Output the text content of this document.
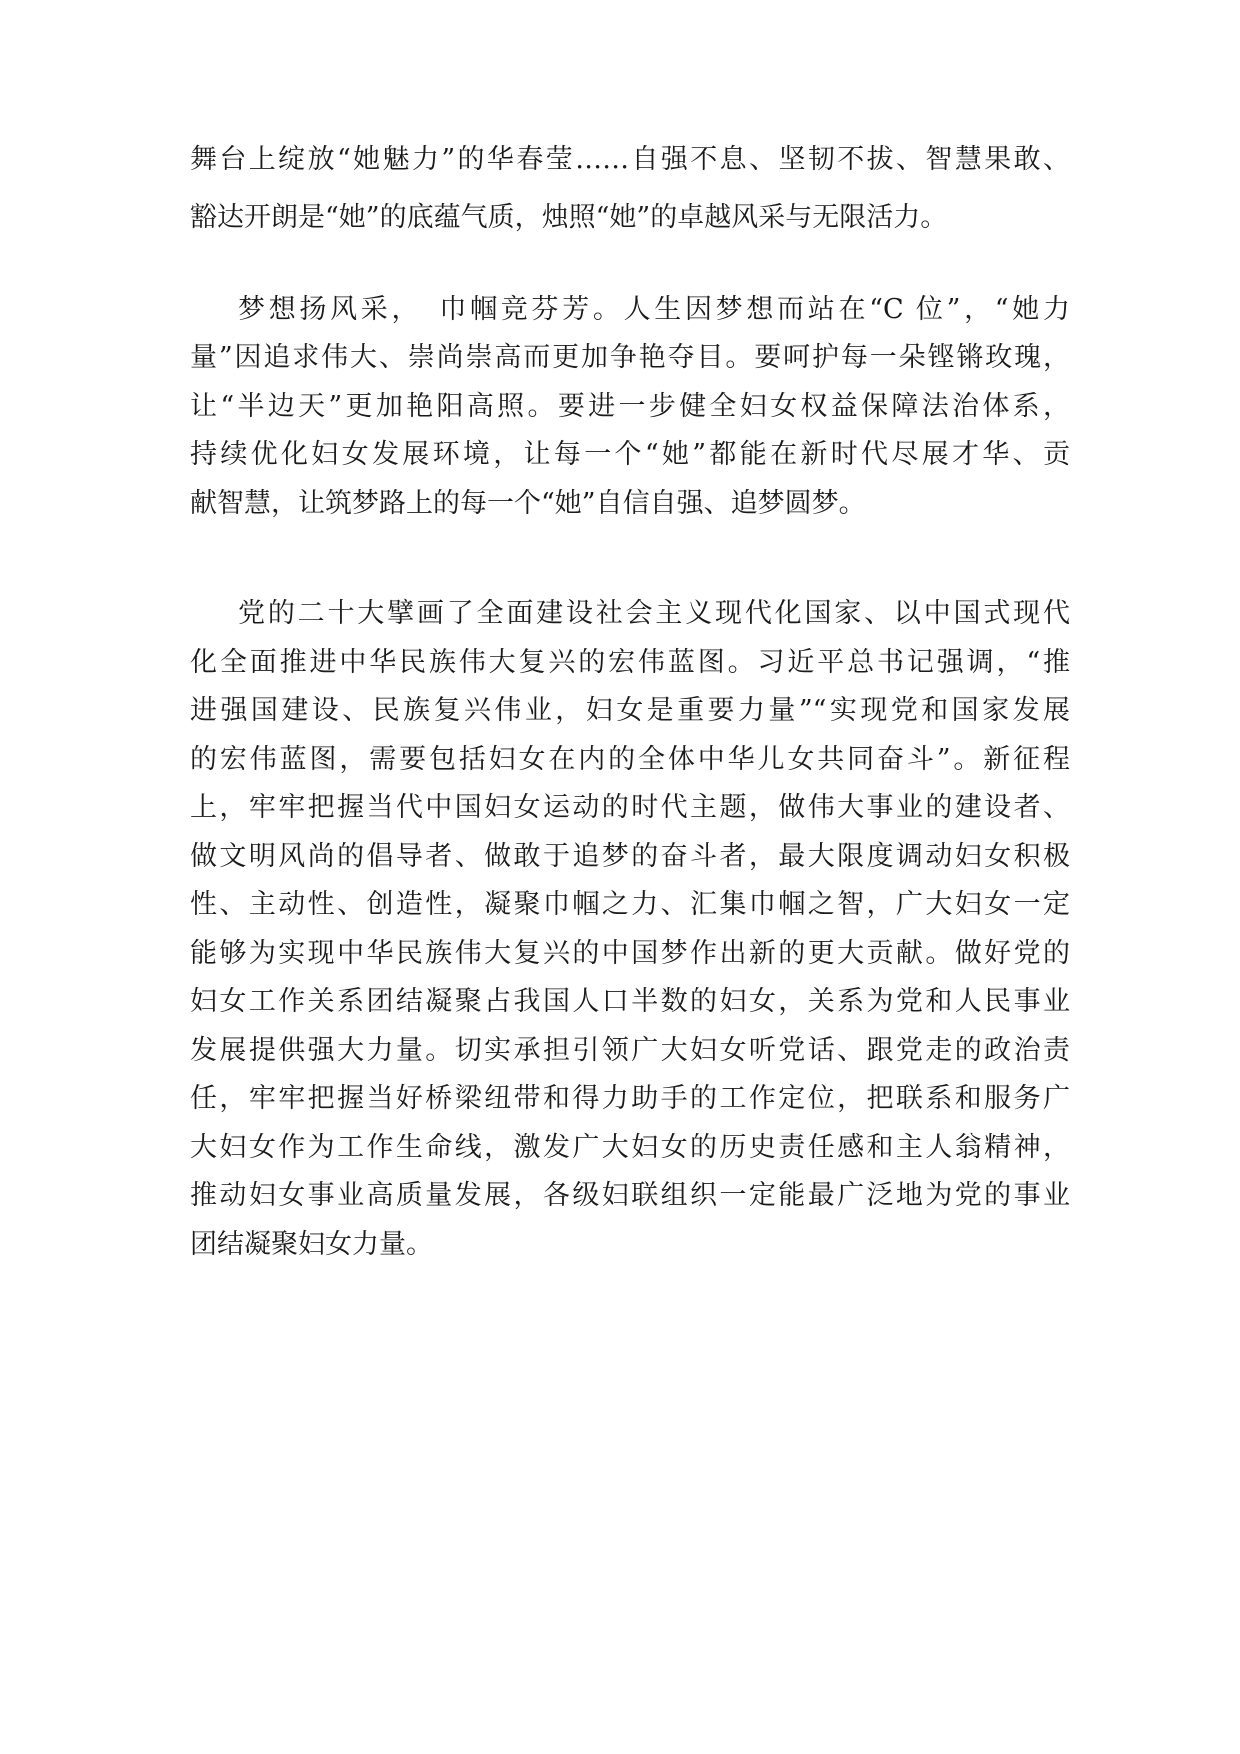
舞台上绽放“她魅力”的华春莹……自强不息、坚韧不拔、智慧果敢、
豁达开朗是“她”的底蕴气质，烛照“她”的卓越风采与无限活力。
梦想扬风采，　巾帼竞芬芳。人生因梦想而站在“C 位”，“她力
量”因追求伟大、崇尚崇高而更加争艳夺目。要呵护每一朵铿锵玫瑰，
让“半边天”更加艳阳高照。要进一步健全妇女权益保障法治体系，
持续优化妇女发展环境，让每一个“她”都能在新时代尽展才华、贡
献智慧，让筑梦路上的每一个“她”自信自强、追梦圆梦。
党的二十大擘画了全面建设社会主义现代化国家、以中国式现代
化全面推进中华民族伟大复兴的宏伟蓝图。习近平总书记强调，“推
进强国建设、民族复兴伟业，妇女是重要力量”“实现党和国家发展
的宏伟蓝图，需要包括妇女在内的全体中华儿女共同奋斗”。新征程
上，牢牢把握当代中国妇女运动的时代主题，做伟大事业的建设者、
做文明风尚的倡导者、做敢于追梦的奋斗者，最大限度调动妇女积极
性、主动性、创造性，凝聚巾帼之力、汇集巾帼之智，广大妇女一定
能够为实现中华民族伟大复兴的中国梦作出新的更大贡献。做好党的
妇女工作关系团结凝聚占我国人口半数的妇女，关系为党和人民事业
发展提供强大力量。切实承担引领广大妇女听党话、跟党走的政治责
任，牢牢把握当好桥梁纽带和得力助手的工作定位，把联系和服务广
大妇女作为工作生命线，激发广大妇女的历史责任感和主人翁精神，
推动妇女事业高质量发展，各级妇联组织一定能最广泛地为党的事业
团结凝聚妇女力量。
